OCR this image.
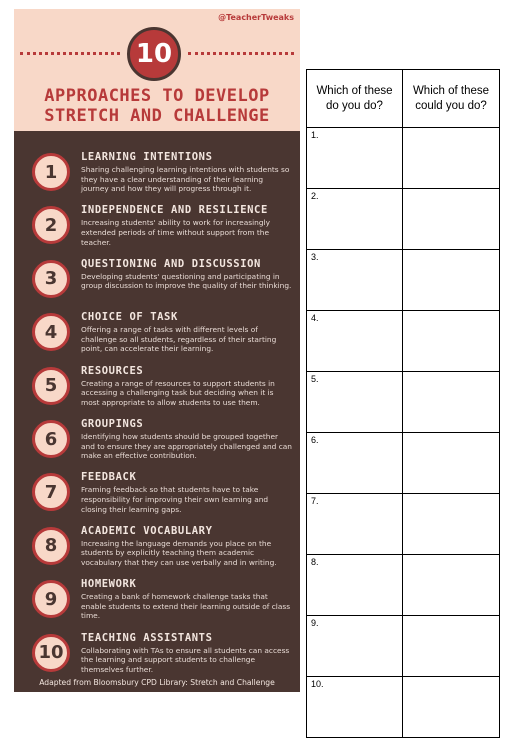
@TeacherTweaks
10
APPROACHES TO DEVELOP
STRETCH AND CHALLENGE
1
LEARNING INTENTIONS
Sharing challenging learning intentions with students so they have a clear understanding of their learning journey and how they will progress through it.
2
INDEPENDENCE AND RESILIENCE
Increasing students' ability to work for increasingly extended periods of time without support from the teacher.
3
QUESTIONING AND DISCUSSION
Developing students' questioning and participating in group discussion to improve the quality of their thinking.
4
CHOICE OF TASK
Offering a range of tasks with different levels of challenge so all students, regardless of their starting point, can accelerate their learning.
5
RESOURCES
Creating a range of resources to support students in accessing a challenging task but deciding when it is most appropriate to allow students to use them.
6
GROUPINGS
Identifying how students should be grouped together and to ensure they are appropriately challenged and can make an effective contribution.
7
FEEDBACK
Framing feedback so that students have to take responsibility for improving their own learning and closing their learning gaps.
8
ACADEMIC VOCABULARY
Increasing the language demands you place on the students by explicitly teaching them academic vocabulary that they can use verbally and in writing.
9
HOMEWORK
Creating a bank of homework challenge tasks that enable students to extend their learning outside of class time.
10
TEACHING ASSISTANTS
Collaborating with TAs to ensure all students can access the learning and support students to challenge themselves further.
Adapted from Bloomsbury CPD Library: Stretch and Challenge
Which of these do you do?	Which of these could you do?
1.	
2.	
3.	
4.	
5.	
6.	
7.	
8.	
9.	
10.	
